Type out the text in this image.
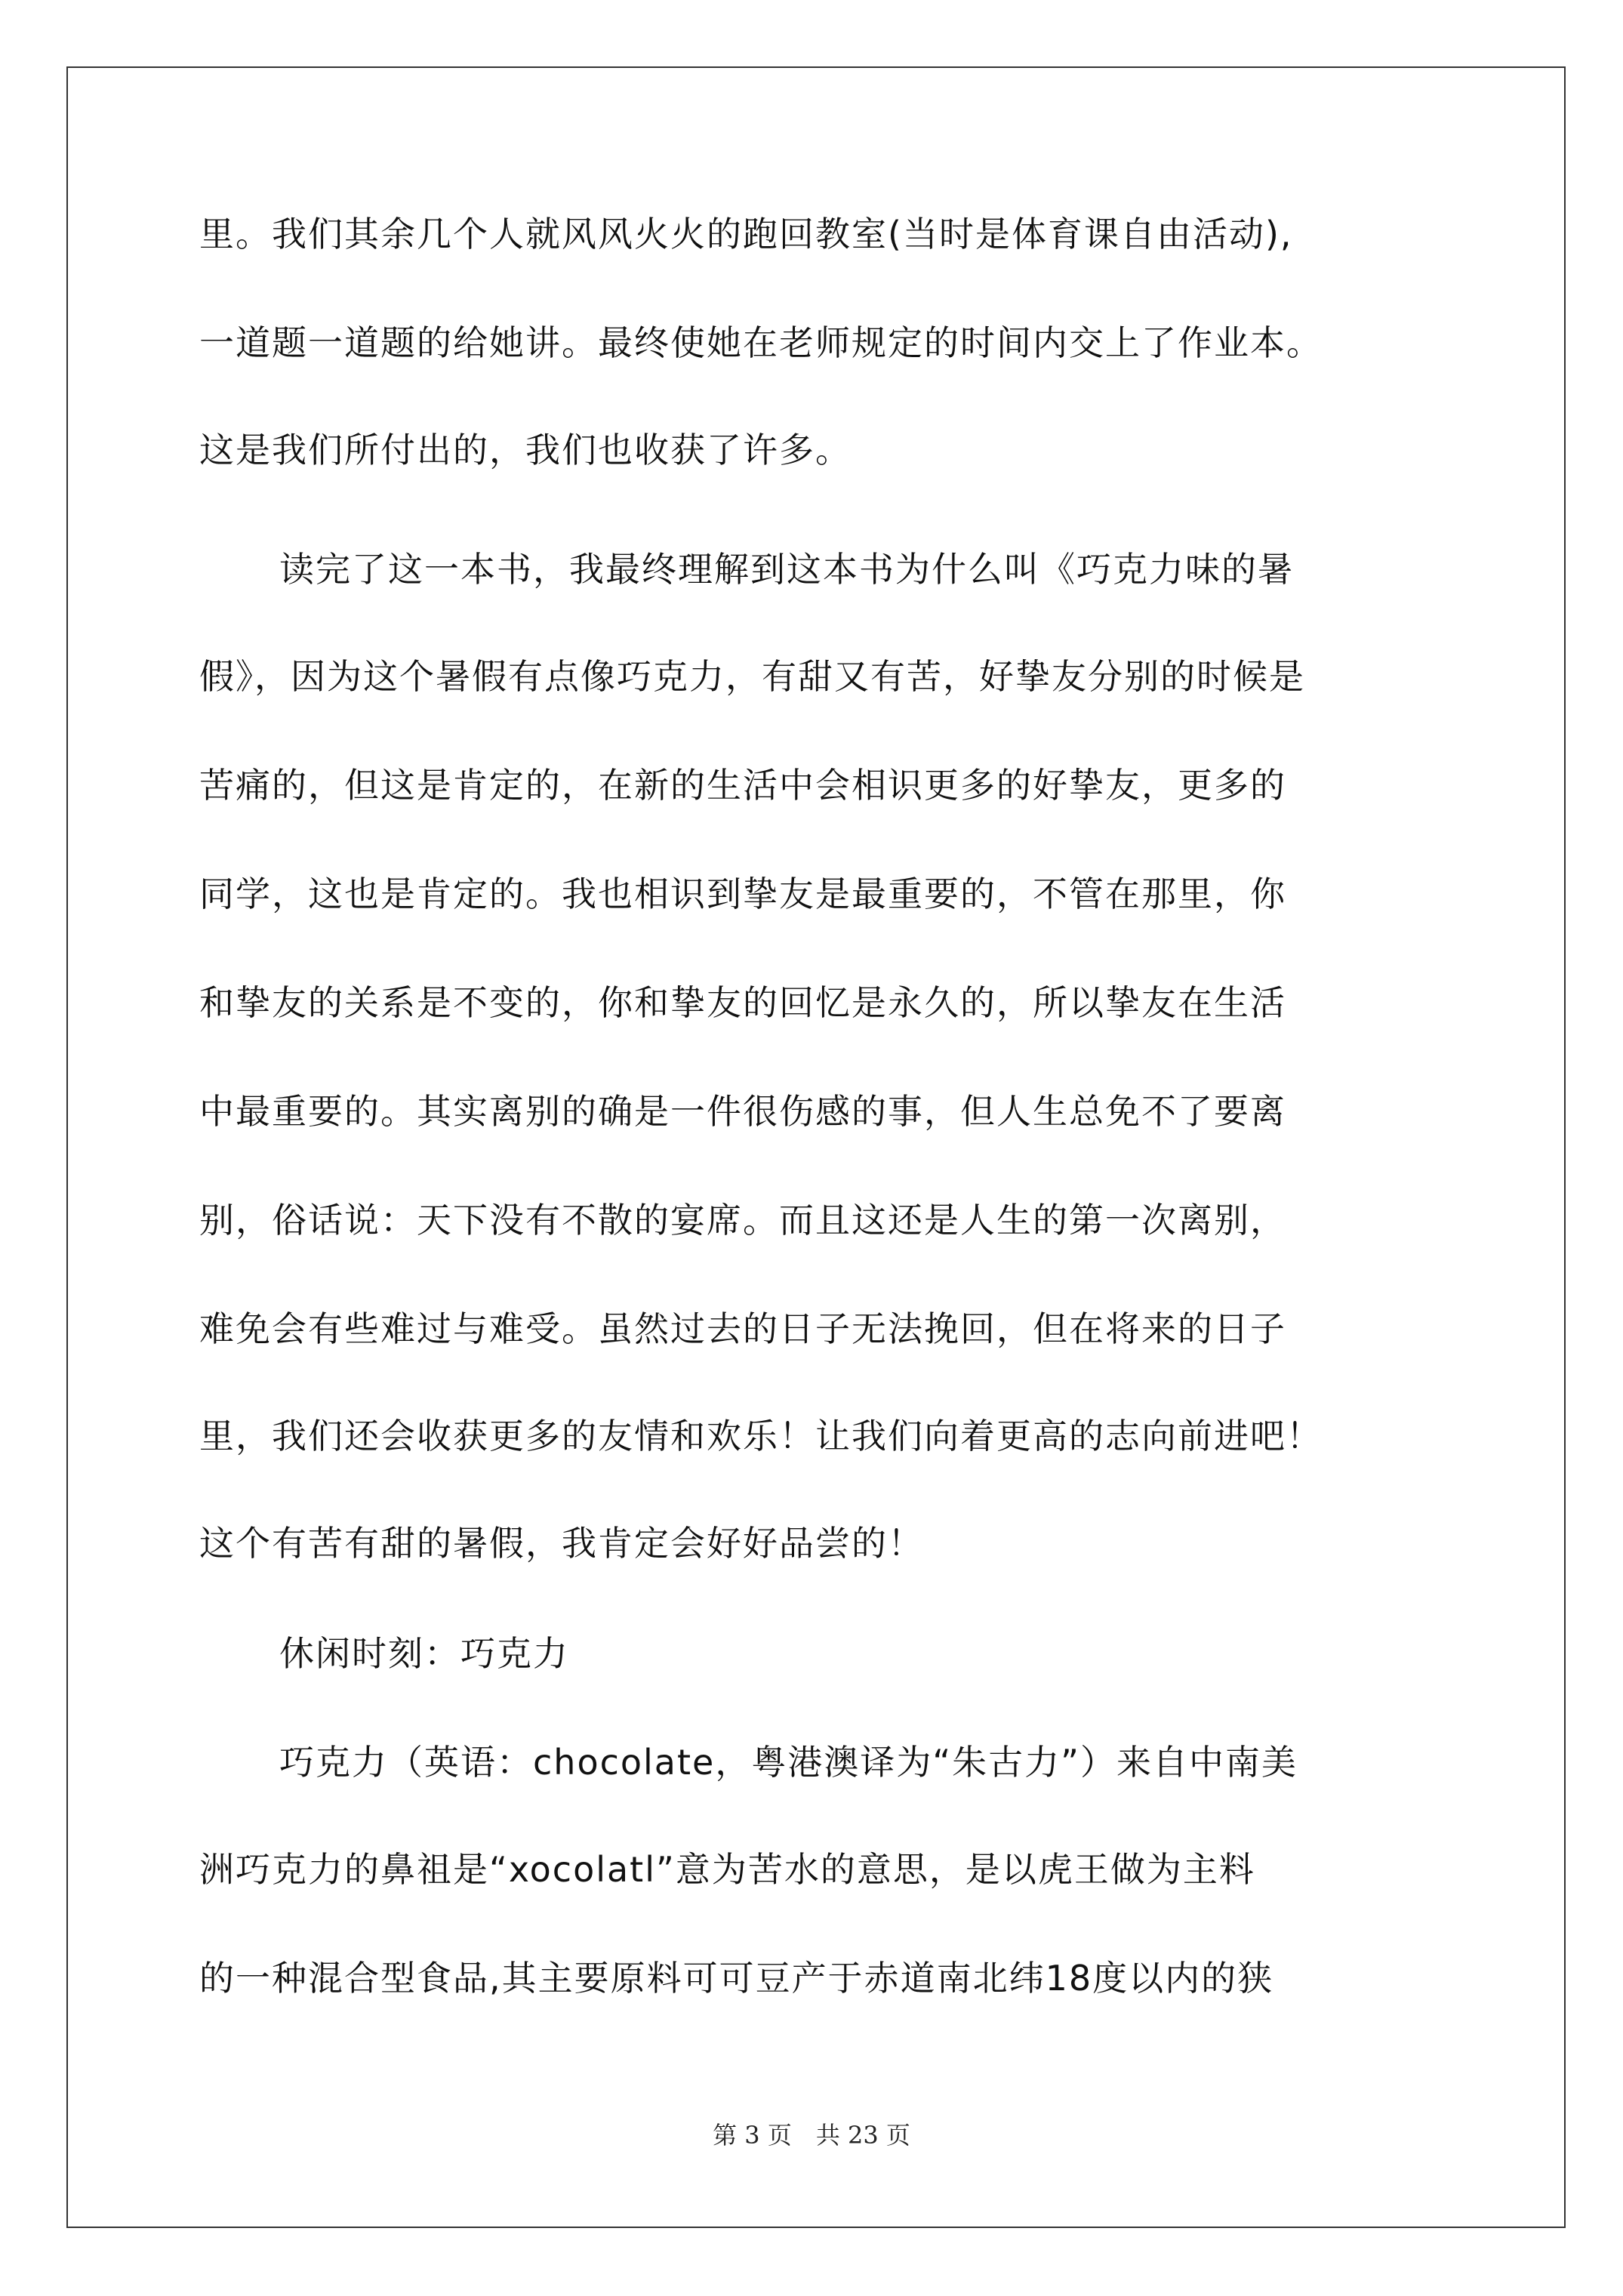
里。我们其余几个人就风风火火的跑回教室(当时是体育课自由活动),
一道题一道题的给她讲。最终使她在老师规定的时间内交上了作业本。
这是我们所付出的，我们也收获了许多。
读完了这一本书，我最终理解到这本书为什么叫《巧克力味的暑
假》，因为这个暑假有点像巧克力，有甜又有苦，好挚友分别的时候是
苦痛的，但这是肯定的，在新的生活中会相识更多的好挚友，更多的
同学，这也是肯定的。我也相识到挚友是最重要的，不管在那里，你
和挚友的关系是不变的，你和挚友的回忆是永久的，所以挚友在生活
中最重要的。其实离别的确是一件很伤感的事，但人生总免不了要离
别，俗话说：天下没有不散的宴席。而且这还是人生的第一次离别，
难免会有些难过与难受。虽然过去的日子无法挽回，但在将来的日子
里，我们还会收获更多的友情和欢乐！让我们向着更高的志向前进吧！
这个有苦有甜的暑假，我肯定会好好品尝的！
休闲时刻：巧克力
巧克力（英语：chocolate，粤港澳译为“朱古力”）来自中南美
洲巧克力的鼻祖是“xocolatl”意为苦水的意思，是以虎王做为主料
的一种混合型食品,其主要原料可可豆产于赤道南北纬18度以内的狭
第 3 页　共 23 页
